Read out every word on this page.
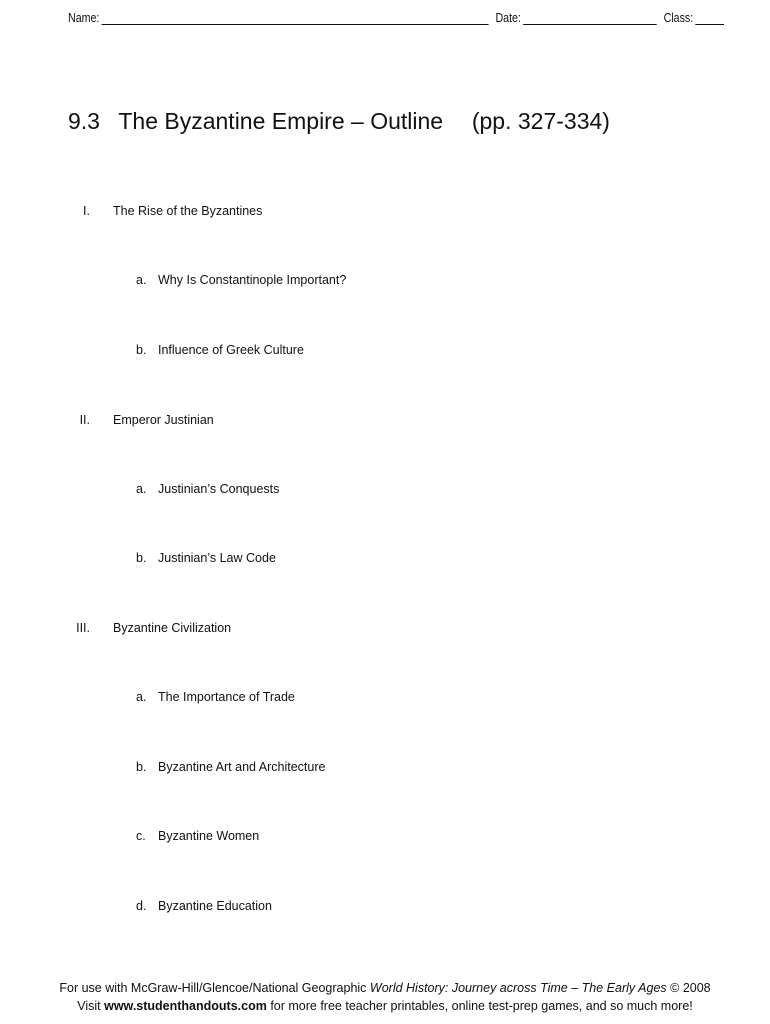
Name:	Date:	Class:
9.3 The Byzantine Empire – Outline (pp. 327-334)
I. The Rise of the Byzantines
a. Why Is Constantinople Important?
b. Influence of Greek Culture
II. Emperor Justinian
a. Justinian’s Conquests
b. Justinian’s Law Code
III. Byzantine Civilization
a. The Importance of Trade
b. Byzantine Art and Architecture
c. Byzantine Women
d. Byzantine Education
For use with McGraw-Hill/Glencoe/National Geographic World History: Journey across Time – The Early Ages © 2008
Visit www.studenthandouts.com for more free teacher printables, online test-prep games, and so much more!
